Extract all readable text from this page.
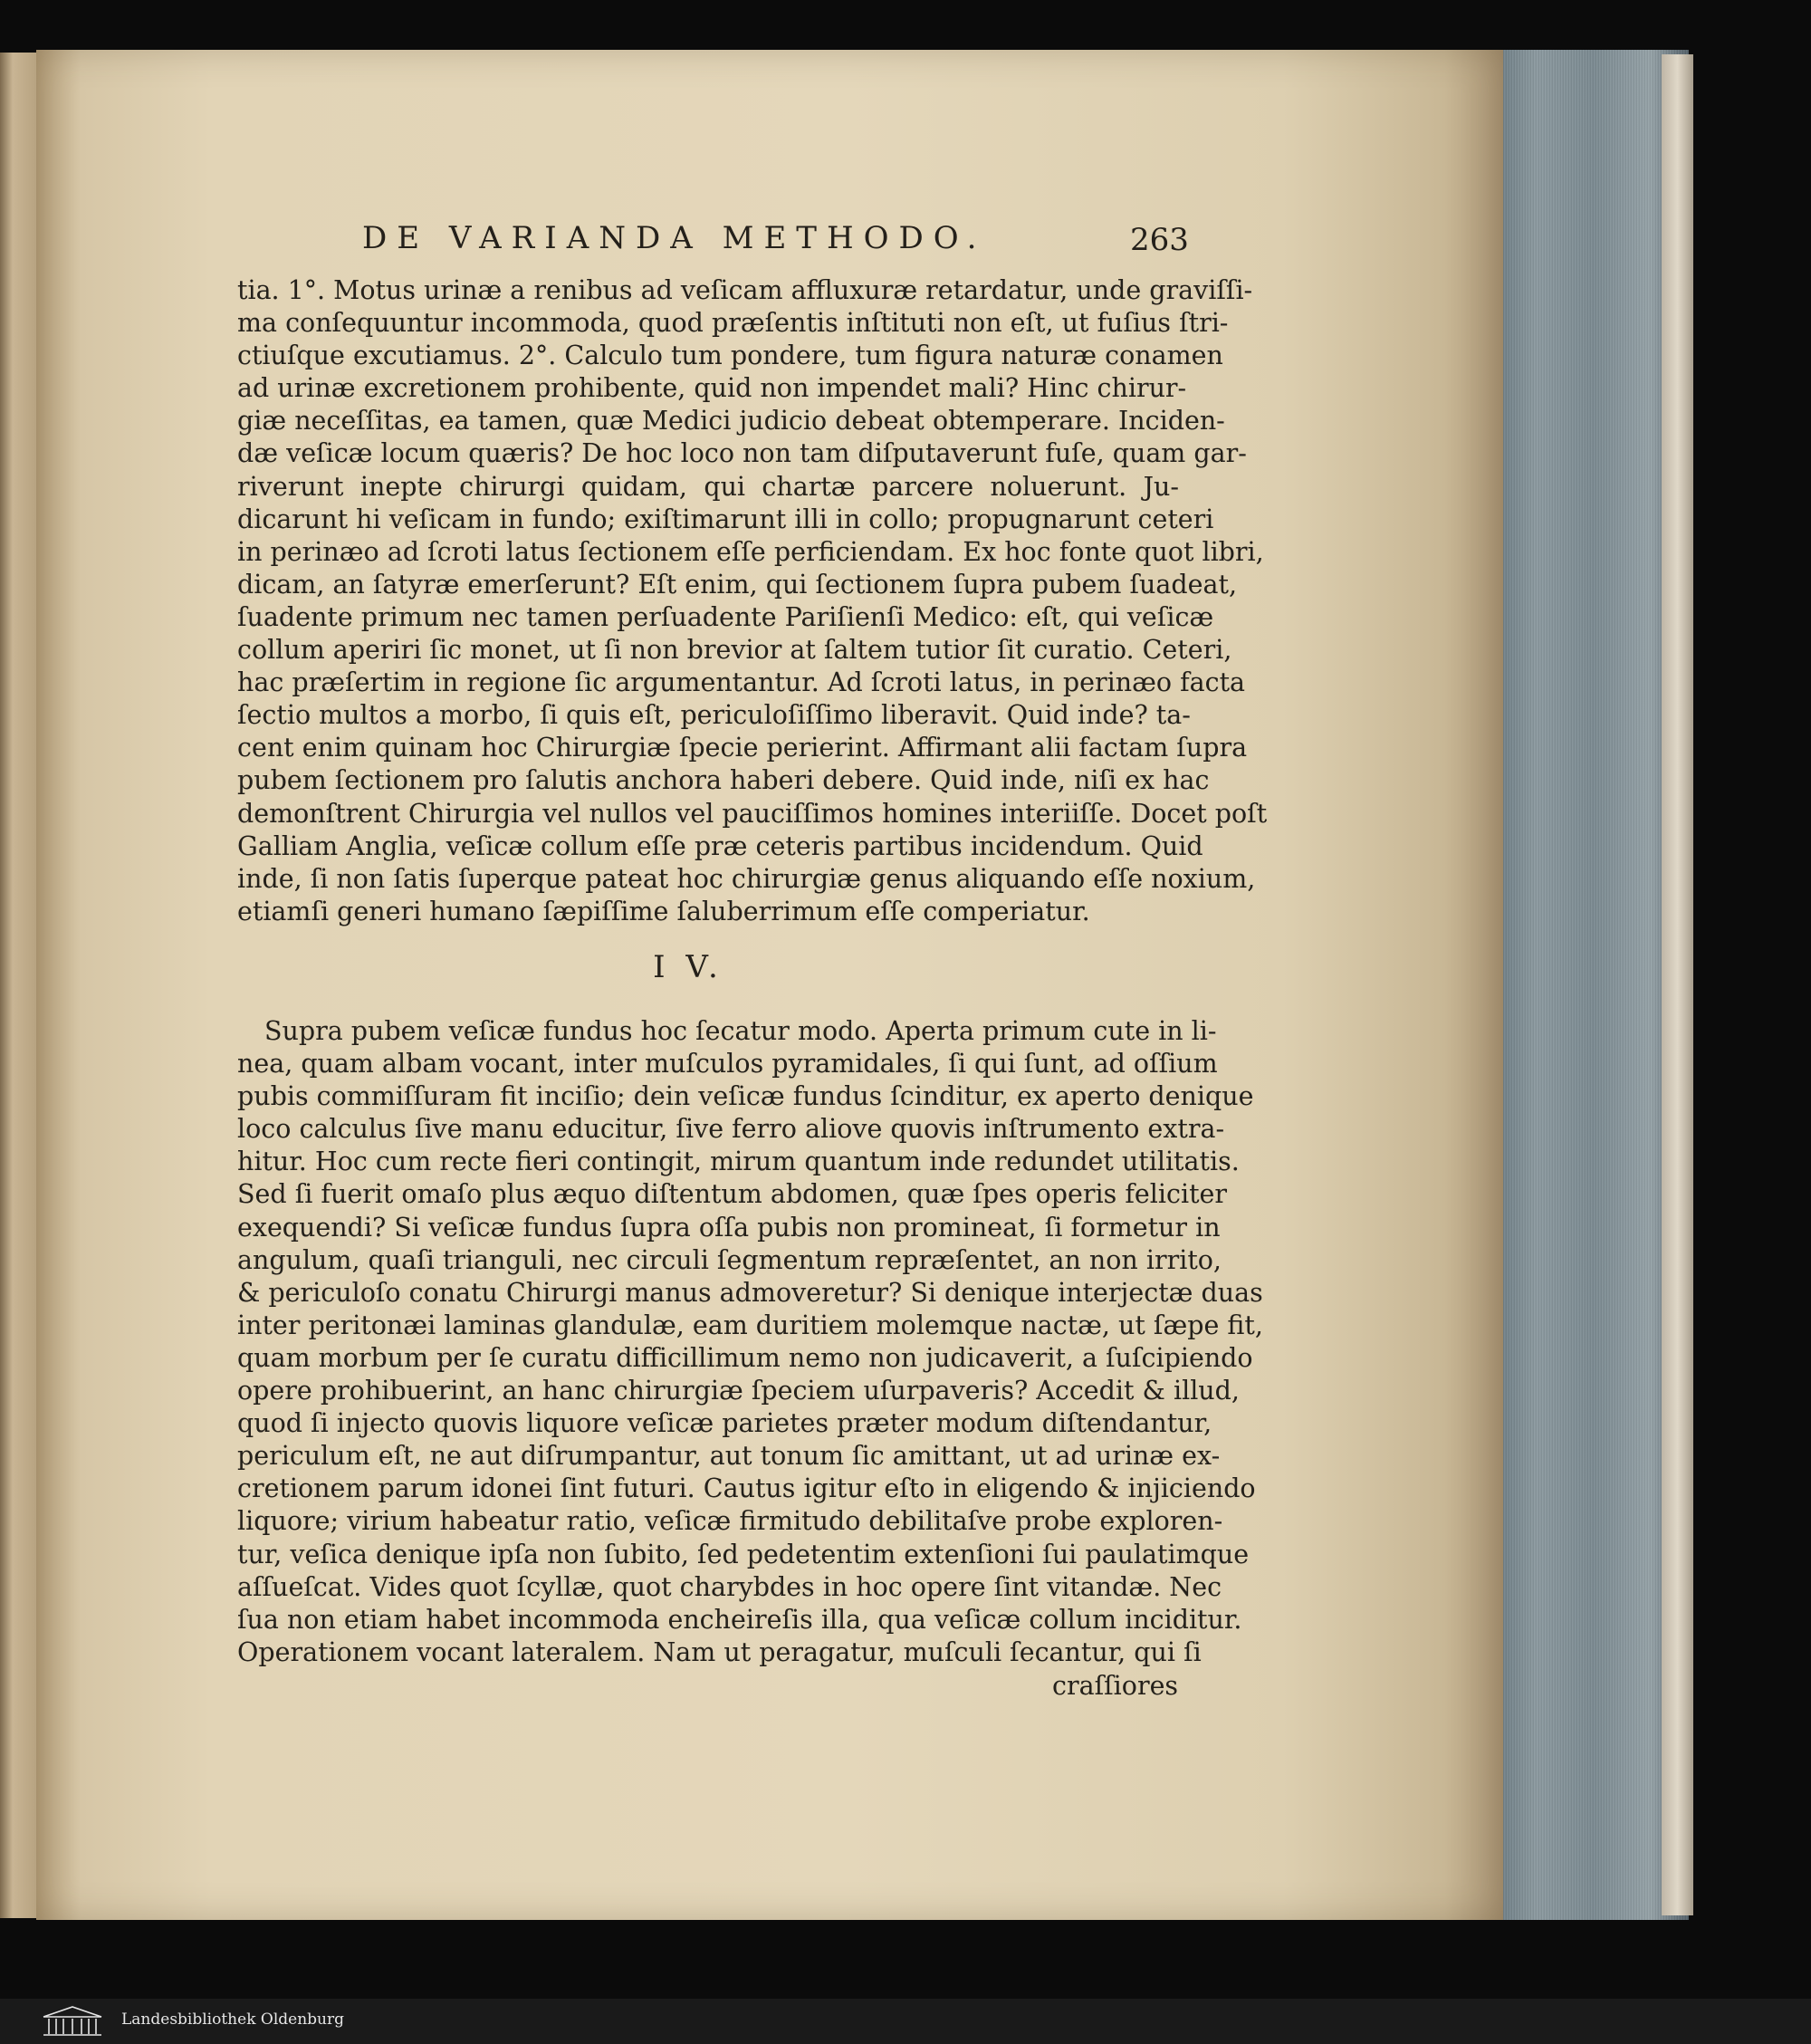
DE VARIANDA METHODO.	263
tia. 1°. Motus urinæ a renibus ad veſicam affluxuræ retardatur, unde graviſſi-
ma conſequuntur incommoda, quod præſentis inſtituti non eſt, ut fuſius ſtri-
ctiuſque excutiamus. 2°. Calculo tum pondere, tum figura naturæ conamen
ad urinæ excretionem prohibente, quid non impendet mali? Hinc chirur-
giæ neceſſitas, ea tamen, quæ Medici judicio debeat obtemperare. Inciden-
dæ veſicæ locum quæris? De hoc loco non tam diſputaverunt fuſe, quam gar-
riverunt inepte chirurgi quidam, qui chartæ parcere noluerunt. Ju-
dicarunt hi veſicam in fundo; exiſtimarunt illi in collo; propugnarunt ceteri
in perinæo ad ſcroti latus ſectionem eſſe perficiendam. Ex hoc fonte quot libri,
dicam, an ſatyræ emerſerunt? Eſt enim, qui ſectionem ſupra pubem ſuadeat,
ſuadente primum nec tamen perſuadente Pariſienſi Medico: eſt, qui veſicæ
collum aperiri ſic monet, ut ſi non brevior at ſaltem tutior ſit curatio. Ceteri,
hac præſertim in regione ſic argumentantur. Ad ſcroti latus, in perinæo facta
ſectio multos a morbo, ſi quis eſt, periculoſiſſimo liberavit. Quid inde? ta-
cent enim quinam hoc Chirurgiæ ſpecie perierint. Affirmant alii factam ſupra
pubem ſectionem pro ſalutis anchora haberi debere. Quid inde, niſi ex hac
demonſtrent Chirurgia vel nullos vel pauciſſimos homines interiiſſe. Docet poſt
Galliam Anglia, veſicæ collum eſſe præ ceteris partibus incidendum. Quid
inde, ſi non ſatis ſuperque pateat hoc chirurgiæ genus aliquando eſſe noxium,
etiamſi generi humano ſæpiſſime ſaluberrimum eſſe comperiatur.
I V.
Supra pubem veſicæ fundus hoc ſecatur modo. Aperta primum cute in li-
nea, quam albam vocant, inter muſculos pyramidales, ſi qui ſunt, ad oſſium
pubis commiſſuram fit inciſio; dein veſicæ fundus ſcinditur, ex aperto denique
loco calculus ſive manu educitur, ſive ferro aliove quovis inſtrumento extra-
hitur. Hoc cum recte fieri contingit, mirum quantum inde redundet utilitatis.
Sed ſi fuerit omaſo plus æquo diſtentum abdomen, quæ ſpes operis feliciter
exequendi? Si veſicæ fundus ſupra oſſa pubis non promineat, ſi formetur in
angulum, quaſi trianguli, nec circuli ſegmentum repræſentet, an non irrito,
& periculoſo conatu Chirurgi manus admoveretur? Si denique interjectæ duas
inter peritonæi laminas glandulæ, eam duritiem molemque nactæ, ut ſæpe fit,
quam morbum per ſe curatu difficillimum nemo non judicaverit, a ſuſcipiendo
opere prohibuerint, an hanc chirurgiæ ſpeciem uſurpaveris? Accedit & illud,
quod ſi injecto quovis liquore veſicæ parietes præter modum diſtendantur,
periculum eſt, ne aut diſrumpantur, aut tonum ſic amittant, ut ad urinæ ex-
cretionem parum idonei ſint futuri. Cautus igitur eſto in eligendo & injiciendo
liquore; virium habeatur ratio, veſicæ firmitudo debilitaſve probe exploren-
tur, veſica denique ipſa non ſubito, ſed pedetentim extenſioni ſui paulatimque
aſſueſcat. Vides quot ſcyllæ, quot charybdes in hoc opere ſint vitandæ. Nec
ſua non etiam habet incommoda encheireſis illa, qua veſicæ collum inciditur.
Operationem vocant lateralem. Nam ut peragatur, muſculi ſecantur, qui ſi
craſſiores
Landesbibliothek Oldenburg
